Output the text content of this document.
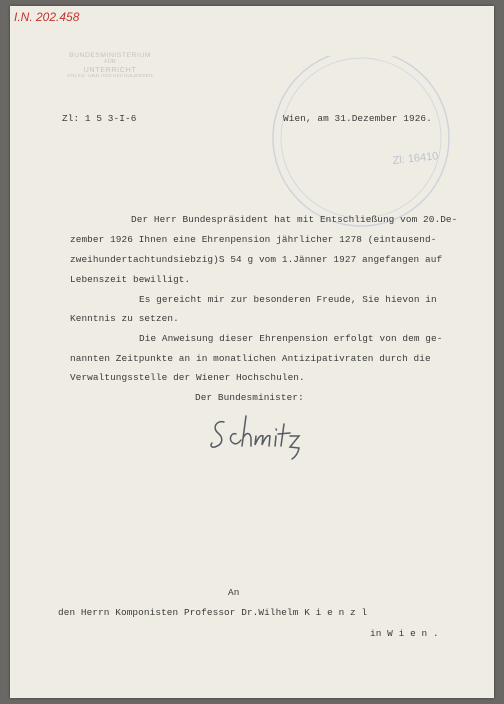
I.N. 202.458
BUNDESMINISTERIUM
FÜR
UNTERRICHT
VOLKS- UND HOCHSCHULWESEN
Zl: 16410
Zl: 1 5 3-I-6	Wien, am 31.Dezember 1926.
Der Herr Bundespräsident hat mit Entschließung vom 20.De-
zember 1926 Ihnen eine Ehrenpension jährlicher 1278 (eintausend-
zweihundertachtundsiebzig)S 54 g vom 1.Jänner 1927 angefangen auf
Lebenszeit bewilligt.
Es gereicht mir zur besonderen Freude, Sie hievon in
Kenntnis zu setzen.
Die Anweisung dieser Ehrenpension erfolgt von dem ge-
nannten Zeitpunkte an in monatlichen Antizipativraten durch die
Verwaltungsstelle der Wiener Hochschulen.
Der Bundesminister:
An
den Herrn Komponisten Professor Dr.Wilhelm K i e n z l
in W i e n .
